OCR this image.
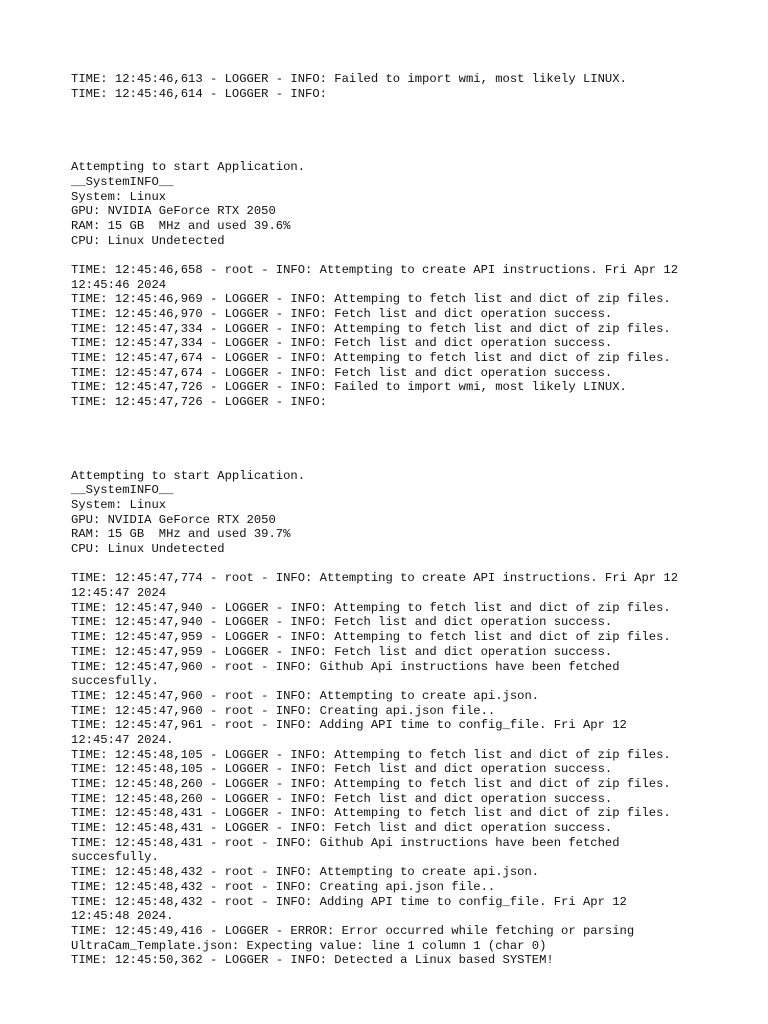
TIME: 12:45:46,613 - LOGGER - INFO: Failed to import wmi, most likely LINUX.
TIME: 12:45:46,614 - LOGGER - INFO:
Attempting to start Application.
__SystemINFO__
System: Linux
GPU: NVIDIA GeForce RTX 2050
RAM: 15 GB  MHz and used 39.6%
CPU: Linux Undetected
TIME: 12:45:46,658 - root - INFO: Attempting to create API instructions. Fri Apr 12
12:45:46 2024
TIME: 12:45:46,969 - LOGGER - INFO: Attemping to fetch list and dict of zip files.
TIME: 12:45:46,970 - LOGGER - INFO: Fetch list and dict operation success.
TIME: 12:45:47,334 - LOGGER - INFO: Attemping to fetch list and dict of zip files.
TIME: 12:45:47,334 - LOGGER - INFO: Fetch list and dict operation success.
TIME: 12:45:47,674 - LOGGER - INFO: Attemping to fetch list and dict of zip files.
TIME: 12:45:47,674 - LOGGER - INFO: Fetch list and dict operation success.
TIME: 12:45:47,726 - LOGGER - INFO: Failed to import wmi, most likely LINUX.
TIME: 12:45:47,726 - LOGGER - INFO:
Attempting to start Application.
__SystemINFO__
System: Linux
GPU: NVIDIA GeForce RTX 2050
RAM: 15 GB  MHz and used 39.7%
CPU: Linux Undetected
TIME: 12:45:47,774 - root - INFO: Attempting to create API instructions. Fri Apr 12
12:45:47 2024
TIME: 12:45:47,940 - LOGGER - INFO: Attemping to fetch list and dict of zip files.
TIME: 12:45:47,940 - LOGGER - INFO: Fetch list and dict operation success.
TIME: 12:45:47,959 - LOGGER - INFO: Attemping to fetch list and dict of zip files.
TIME: 12:45:47,959 - LOGGER - INFO: Fetch list and dict operation success.
TIME: 12:45:47,960 - root - INFO: Github Api instructions have been fetched
succesfully.
TIME: 12:45:47,960 - root - INFO: Attempting to create api.json.
TIME: 12:45:47,960 - root - INFO: Creating api.json file..
TIME: 12:45:47,961 - root - INFO: Adding API time to config_file. Fri Apr 12
12:45:47 2024.
TIME: 12:45:48,105 - LOGGER - INFO: Attemping to fetch list and dict of zip files.
TIME: 12:45:48,105 - LOGGER - INFO: Fetch list and dict operation success.
TIME: 12:45:48,260 - LOGGER - INFO: Attemping to fetch list and dict of zip files.
TIME: 12:45:48,260 - LOGGER - INFO: Fetch list and dict operation success.
TIME: 12:45:48,431 - LOGGER - INFO: Attemping to fetch list and dict of zip files.
TIME: 12:45:48,431 - LOGGER - INFO: Fetch list and dict operation success.
TIME: 12:45:48,431 - root - INFO: Github Api instructions have been fetched
succesfully.
TIME: 12:45:48,432 - root - INFO: Attempting to create api.json.
TIME: 12:45:48,432 - root - INFO: Creating api.json file..
TIME: 12:45:48,432 - root - INFO: Adding API time to config_file. Fri Apr 12
12:45:48 2024.
TIME: 12:45:49,416 - LOGGER - ERROR: Error occurred while fetching or parsing
UltraCam_Template.json: Expecting value: line 1 column 1 (char 0)
TIME: 12:45:50,362 - LOGGER - INFO: Detected a Linux based SYSTEM!
